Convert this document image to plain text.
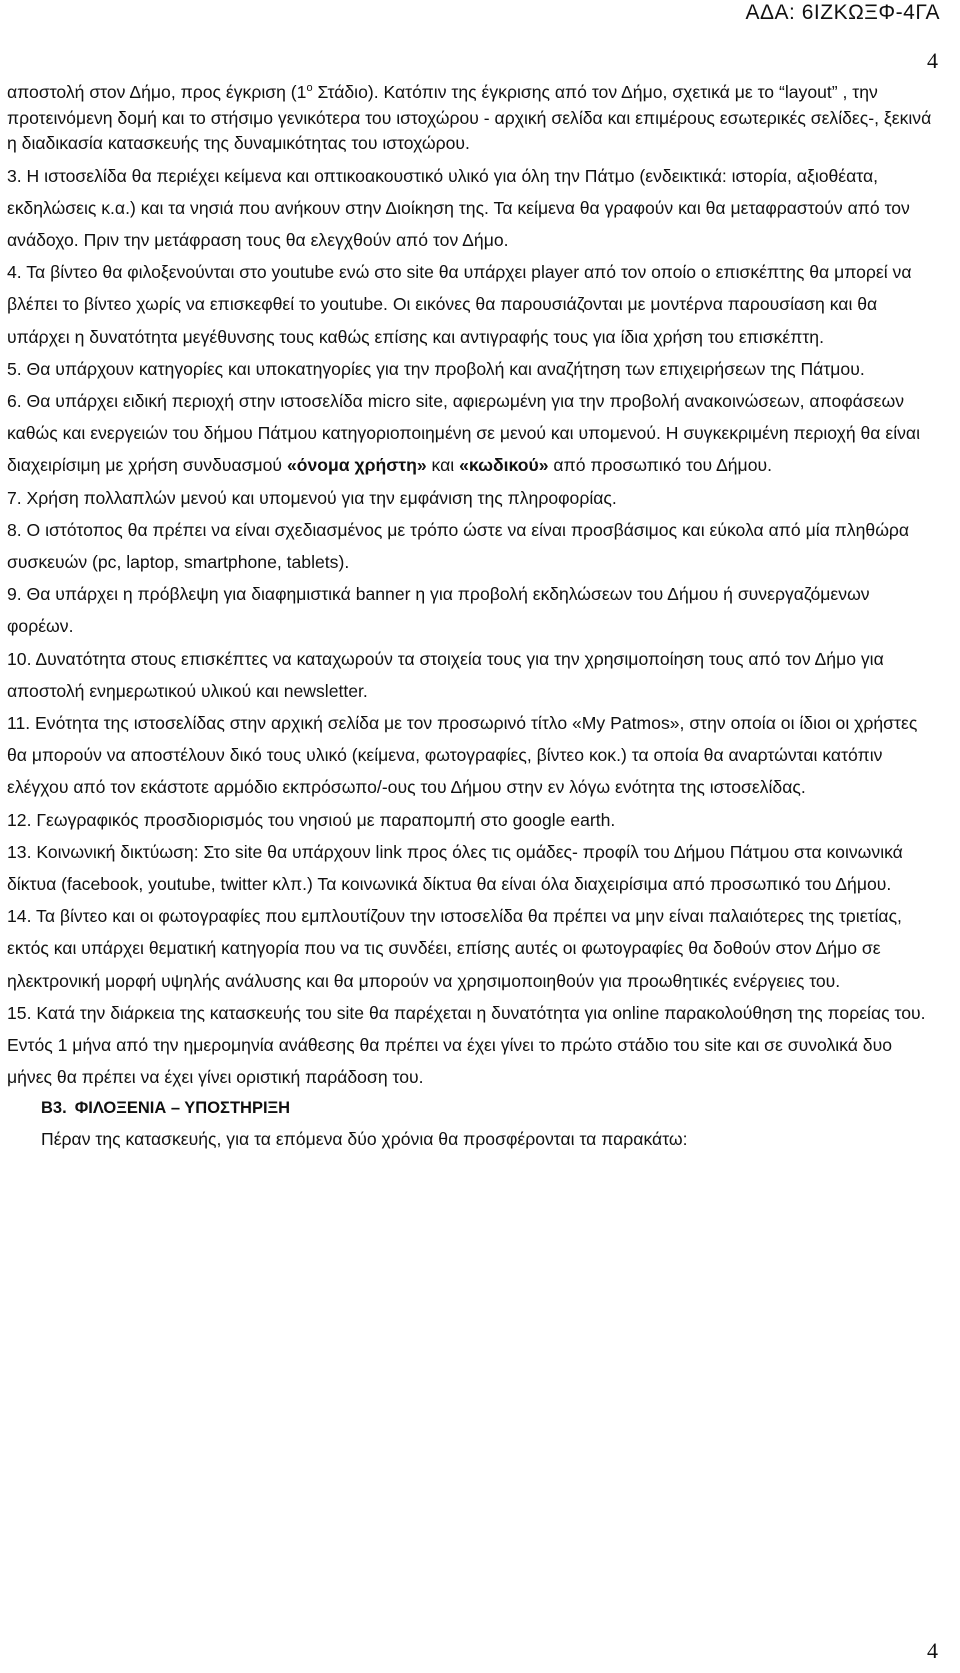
ΑΔΑ: 6ΙΖΚΩΞΦ-4ΓΑ
4

αποστολή στον Δήμο, προς έγκριση ($1^o$ Στάδιο). Κατόπιν της έγκρισης από τον Δήμο, σχετικά με το “layout” , την προτεινόμενη δομή και το στήσιμο γενικότερα του ιστοχώρου - αρχική σελίδα και επιμέρους εσωτερικές σελίδες-, ξεκινά η διαδικασία κατασκευής της δυναμικότητας του ιστοχώρου.

3. Η ιστοσελίδα θα περιέχει κείμενα και οπτικοακουστικό υλικό για όλη την Πάτμο (ενδεικτικά: ιστορία, αξιοθέατα, εκδηλώσεις κ.α.) και τα νησιά που ανήκουν στην Διοίκηση της. Τα κείμενα θα γραφούν και θα μεταφραστούν από τον ανάδοχο. Πριν την μετάφραση τους θα ελεγχθούν από τον Δήμο.

4. Τα βίντεο θα φιλοξενούνται στο youtube ενώ στο site θα υπάρχει player από τον οποίο ο επισκέπτης θα μπορεί να βλέπει το βίντεο χωρίς να επισκεφθεί το youtube. Οι εικόνες θα παρουσιάζονται με μοντέρνα παρουσίαση και θα υπάρχει η δυνατότητα μεγέθυνσης τους καθώς επίσης και αντιγραφής τους για ίδια χρήση του επισκέπτη.

5. Θα υπάρχουν κατηγορίες και υποκατηγορίες για την προβολή και αναζήτηση των επιχειρήσεων της Πάτμου.

6. Θα υπάρχει ειδική περιοχή στην ιστοσελίδα micro site, αφιερωμένη για την προβολή ανακοινώσεων, αποφάσεων καθώς και ενεργειών του δήμου Πάτμου κατηγοριοποιημένη σε μενού και υπομενού. Η συγκεκριμένη περιοχή θα είναι διαχειρίσιμη με χρήση συνδυασμού «όνομα χρήστη» και «κωδικού» από προσωπικό του Δήμου.

7. Χρήση πολλαπλών μενού και υπομενού για την εμφάνιση της πληροφορίας.

8. Ο ιστότοπος θα πρέπει να είναι σχεδιασμένος με τρόπο ώστε να είναι προσβάσιμος και εύκολα από μία πληθώρα συσκευών (pc, laptop, smartphone, tablets).

9. Θα υπάρχει η πρόβλεψη για διαφημιστικά banner η για προβολή εκδηλώσεων του Δήμου ή συνεργαζόμενων φορέων.

10. Δυνατότητα στους επισκέπτες να καταχωρούν τα στοιχεία τους για την χρησιμοποίηση τους από τον Δήμο για αποστολή ενημερωτικού υλικού και newsletter.

11. Ενότητα της ιστοσελίδας στην αρχική σελίδα με τον προσωρινό τίτλο «My Patmos», στην οποία οι ίδιοι οι χρήστες θα μπορούν να αποστέλουν δικό τους υλικό (κείμενα, φωτογραφίες, βίντεο κοκ.) τα οποία θα αναρτώνται κατόπιν ελέγχου από τον εκάστοτε αρμόδιο εκπρόσωπο/-ους του Δήμου στην εν λόγω ενότητα της ιστοσελίδας.

12. Γεωγραφικός προσδιορισμός του νησιού με παραπομπή στο google earth.

13. Κοινωνική δικτύωση: Στο site θα υπάρχουν link προς όλες τις ομάδες- προφίλ του Δήμου Πάτμου στα κοινωνικά δίκτυα (facebook, youtube, twitter κλπ.) Τα κοινωνικά δίκτυα θα είναι όλα διαχειρίσιμα από προσωπικό του Δήμου.

14. Τα βίντεο και οι φωτογραφίες που εμπλουτίζουν την ιστοσελίδα θα πρέπει να μην είναι παλαιότερες της τριετίας, εκτός και υπάρχει θεματική κατηγορία που να τις συνδέει, επίσης αυτές οι φωτογραφίες θα δοθούν στον Δήμο σε ηλεκτρονική μορφή υψηλής ανάλυσης και θα μπορούν να χρησιμοποιηθούν για προωθητικές ενέργειες του.

15. Κατά την διάρκεια της κατασκευής του site θα παρέχεται η δυνατότητα για online παρακολούθηση της πορείας του. Εντός 1 μήνα από την ημερομηνία ανάθεσης θα πρέπει να έχει γίνει το πρώτο στάδιο του site και σε συνολικά δυο μήνες θα πρέπει να έχει γίνει οριστική παράδοση του.

Β3. ΦΙΛΟΞΕΝΙΑ – ΥΠΟΣΤΗΡΙΞΗ

Πέραν της κατασκευής, για τα επόμενα δύο χρόνια θα προσφέρονται τα παρακάτω:

4
